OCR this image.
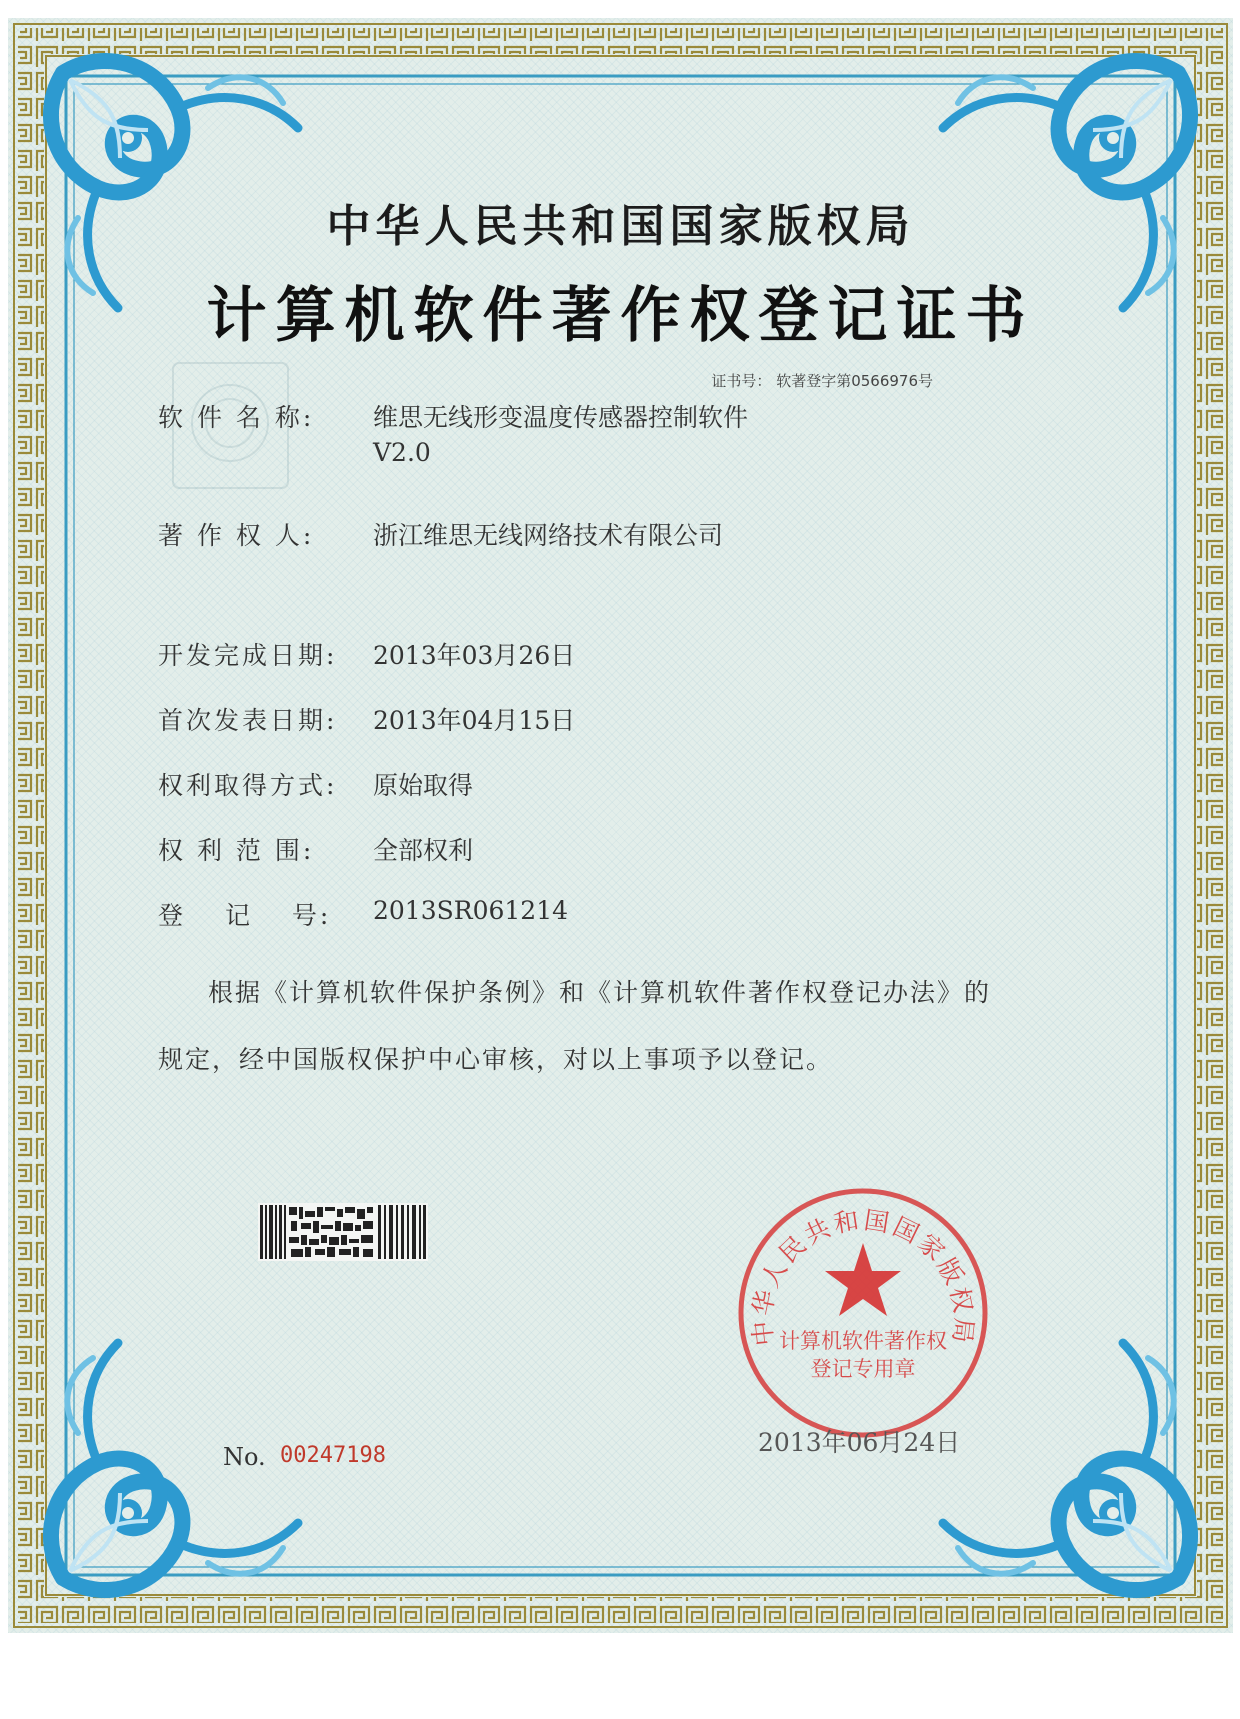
中华人民共和国国家版权局
计算机软件著作权登记证书
证书号： 软著登字第0566976号
软 件 名 称: 维思无线形变温度传感器控制软件
V2.0
著 作 权 人: 浙江维思无线网络技术有限公司
开发完成日期: 2013年03月26日
首次发表日期: 2013年04月15日
权利取得方式: 原始取得
权 利 范 围: 全部权利
登　 记　 号: 2013SR061214
根据《计算机软件保护条例》和《计算机软件著作权登记办法》的
规定，经中国版权保护中心审核，对以上事项予以登记。
中华人民共和国国家版权局
计算机软件著作权
登记专用章
2013年06月24日
No. 00247198
